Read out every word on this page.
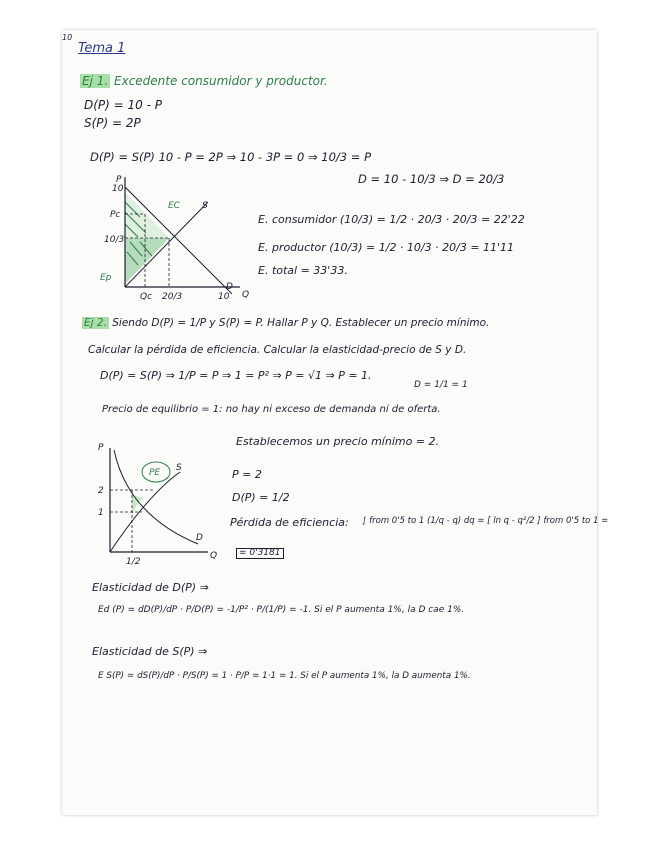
10
Tema 1
Ej 1. Excedente consumidor y productor.
D(P) = 10 - P
S(P) = 2P
D(P) = S(P) 10 - P = 2P ⇒ 10 - 3P = 0 ⇒ 10/3 = P
D = 10 - 10/3 ⇒ D = 20/3
P
Q
10
Pc
10/3
Qc 20/3	10
EC
Ep
S
D
E. consumidor (10/3) = 1/2 · 20/3 · 20/3 = 22'22
E. productor (10/3) = 1/2 · 10/3 · 20/3 = 11'11
E. total = 33'33.
Ej 2. Siendo D(P) = 1/P y S(P) = P. Hallar P y Q. Establecer un precio mínimo.
Calcular la pérdida de eficiencia. Calcular la elasticidad-precio de S y D.
D(P) = S(P) ⇒ 1/P = P ⇒ 1 = P² ⇒ P = √1 ⇒ P = 1.
D = 1/1 = 1
Precio de equilibrio = 1: no hay ni exceso de demanda ni de oferta.
P
Q
2
1
1/2
PE S
D
Establecemos un precio mínimo = 2.
P = 2
D(P) = 1/2
Pérdida de eficiencia: ∫ from 0'5 to 1 (1/q - q) dq = [ ln q - q²/2 ] from 0'5 to 1 =
= 0'3181
Elasticidad de D(P) ⇒
Ed (P) = dD(P)/dP · P/D(P) = -1/P² · P/(1/P) = -1. Si el P aumenta 1%, la D cae 1%.
Elasticidad de S(P) ⇒
E S(P) = dS(P)/dP · P/S(P) = 1 · P/P = 1·1 = 1. Si el P aumenta 1%, la D aumenta 1%.
